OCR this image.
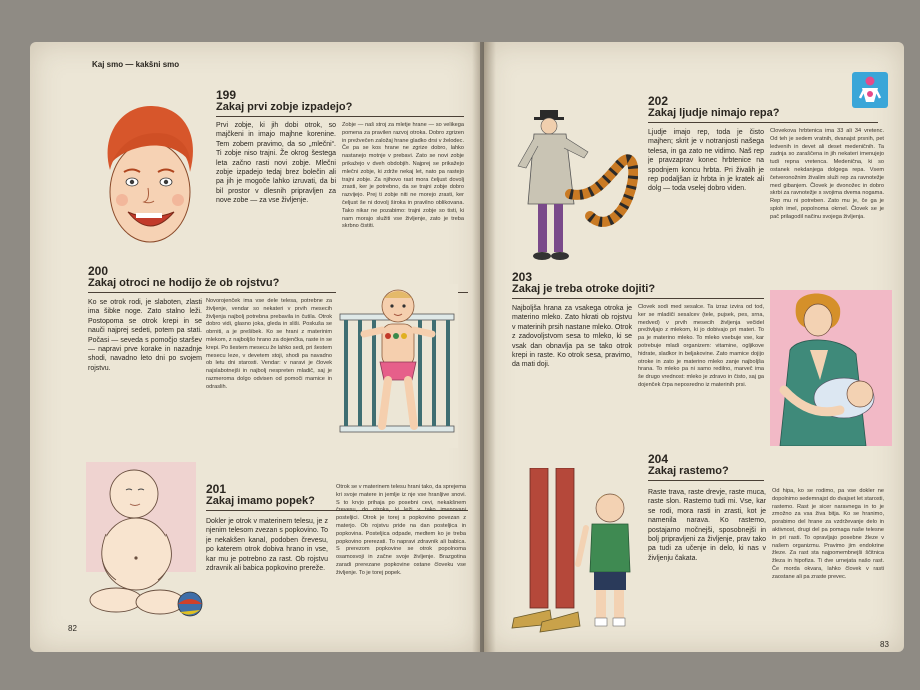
Kaj smo — kakšni smo
199
Zakaj prvi zobje izpadejo?
Prvi zobje, ki jih dobi otrok, so majčkeni in imajo majhne korenine. Tem zobem pravimo, da so „mlečni“. Ti zobje niso trajni. Že okrog šestega leta začno rasti novi zobje. Mlečni zobje izpadejo tedaj brez bolečin ali pa jih je mogoče lahko izruvati, da bi bil prostor v dlesnih pripravljen za nove zobe — za vse življenje.
Zobje — naš stroj za mletje hrane — so velikega pomena za pravilen razvoj otroka. Dobro zgrizen in prežvečen založaj hrane gladko drsi v želodec. Če pa se kos hrane ne zgrize dobro, lahko nastanejo motnje v prebavi. Zato se novi zobje prikažejo v dveh obdobjih. Najprej se prikažejo mlečni zobje, ki zdrže nekaj let, nato pa rastejo trajni zobje. Za njihovo rast mora čeljust dovolj zrasti, ker je potrebno, da se trajni zobje dobro razvijejo. Prej ti zobje niti ne morejo zrasti, ker čeljust še ni dovolj široka in pravilno oblikovana. Tako nikar ne pozabimo: trajni zobje so tisti, ki nam morajo služiti vse življenje, zato je treba skrbno čistiti.
200
Zakaj otroci ne hodijo že ob rojstvu?
Ko se otrok rodi, je slaboten, zlasti ima šibke noge. Zato stalno leži. Postopoma se otrok krepi in se nauči najprej sedeti, potem pa stati. Počasi — seveda s pomočjo staršev — napravi prve korake in nazadnje shodi, navadno leto dni po svojem rojstvu.
Novorojenček ima vse dele telesa, potrebne za življenje, vendar so nekateri v prvih mesecih življenja najbolj potrebna prebavila in čutila. Otrok dobro vidi, glasno joka, gleda in sliši. Poskuša se obrniti, a je prešibek. Ko se hrani z materinim mlekom, z najboljšo hrano za dojenčka, raste in se krepi. Po šestem mesecu že lahko sedi, pri šestem mesecu leze, v devetem stoji, shodi pa navadno ob letu dni starosti. Vendar: v naravi je človek najslabotnejši in najbolj nespreten mladič, saj je razmeroma dolgo odvisen od pomoči mamice in odraslih.
201
Zakaj imamo popek?
Dokler je otrok v materinem telesu, je z njenim telesom zvezan s popkovino. To je nekakšen kanal, podoben črevesu, po katerem otrok dobiva hrano in vse, kar mu je potrebno za rast. Ob rojstvu zdravnik ali babica popkovino prereže.
Otrok se v materinem telesu hrani tako, da sprejema kri svoje matere in jemlje iz nje vse hranljive snovi. S to krvjo prihaja po posebni cevi, nekakšnem črevesu, do otroka, ki leži v tako imenovani posteljici. Otrok je torej s popkovino povezan z materjo. Ob rojstvu pride na dan posteljica in popkovina. Posteljica odpade, medtem ko je treba popkovino prerezati. To napravi zdravnik ali babica. S prerezom popkovine se otrok popolnoma osamosvoji in začne svoje življenje. Brazgotina zaradi prerezane popkovine ostane človeku vse življenje. To je torej popek.
82
202
Zakaj ljudje nimajo repa?
Ljudje imajo rep, toda je čisto majhen; skrit je v notranjosti našega telesa, in ga zato ne vidimo. Naš rep je pravzaprav konec hrbtenice na spodnjem koncu hrbta. Pri živalih je rep podaljšan iz hrbta in je kratek ali dolg — toda vselej dobro viden.
Človekova hrbtenica ima 33 ali 34 vretenc. Od teh je sedem vratnih, dvanajst prsnih, pet ledvenih in devet ali deset medeničnih. Ta zadnja so zaraščena in jih nekateri imenujejo tudi repna vretenca. Medenična, ki so ostanek nekdanjega dolgega repa. Vsem četveronožnim živalim služi rep za ravnotežje med gibanjem. Človek je dvonožec in dobro skrbi za ravnotežje s svojima dvema nogama. Rep mu ni potreben. Zato mu je, če ga je sploh imel, popolnoma okrnel. Človek se je pač prilagodil načinu svojega življenja.
203
Zakaj je treba otroke dojiti?
Najboljša hrana za vsakega otroka je materino mleko. Zato hkrati ob rojstvu v materinih prsih nastane mleko. Otrok z zadovoljstvom sesa to mleko, ki se vsak dan obnavlja pa se tako otrok krepi in raste. Ko otrok sesa, pravimo, da mati doji.
Človek sodi med sesalce. Ta izraz izvira od tod, ker se mladiči sesalcev (tele, pujsek, pes, srna, medved) v prvih mesecih življenja večidel preživljajo z mlekom, ki jo dobivajo pri materi. To pa je materino mleko. To mleko vsebuje vse, kar potrebuje mladi organizem: vitamine, ogljikove hidrate, sladkor in beljakovine. Zato mamice dojijo otroke in zato je materino mleko zanje najboljša hrana. To mleko pa ni samo redilno, marveč ima še drugo vrednost: mleko je zdravo in čisto, saj ga dojenček črpa neposredno iz materinih prsi.
204
Zakaj rastemo?
Raste trava, raste drevje, raste muca, raste slon. Rastemo tudi mi. Vse, kar se rodi, mora rasti in zrasti, kot je namenila narava. Ko rastemo, postajamo močnejši, sposobnejši in bolj pripravljeni za življenje, prav tako pa tudi za učenje in delo, ki nas v življenju čakata.
Od hipa, ko se rodimo, pa vse dokler ne dopolnimo sedemnajst do dvajset let starosti, rastemo. Rast je sicer naravnega in to je zmožno za vsa živa bitja. Ko se hranimo, porabimo del hrane za vzdrževanje delo in aktivnost, drugi del pa pomaga naše telesne in pri rasti. To opravljajo posebne žleze v našem organizmu. Pravimo jim endokrine žleze. Za rast sta najpomembnejši ščitnica žleza in hipofiza. Ti dve urnejata našo rast. Če morda okvara, lahko človek v rasti zaostane ali pa zraste prevec.
83
